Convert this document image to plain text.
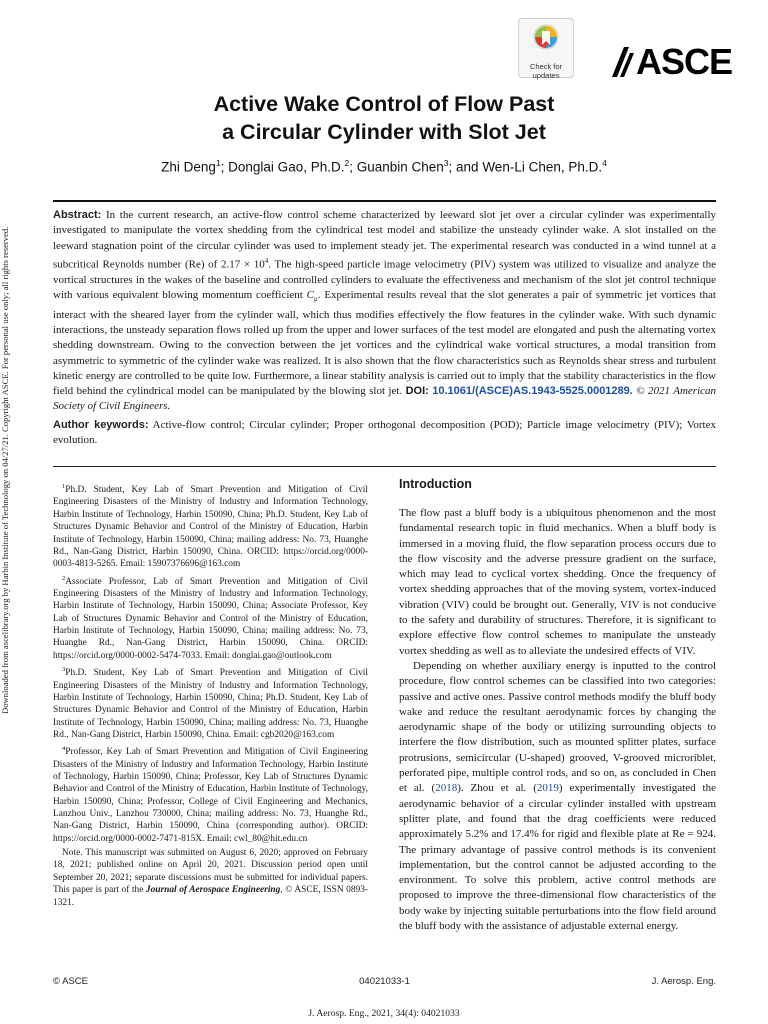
Downloaded from ascelibrary.org by Harbin Institute of Technology on 04/27/21. Copyright ASCE. For personal use only; all rights reserved.
Check for
updates	ASCE
Active Wake Control of Flow Past
a Circular Cylinder with Slot Jet
Zhi Deng$^1$; Donglai Gao, Ph.D.$^2$; Guanbin Chen$^3$; and Wen-Li Chen, Ph.D.$^4$
Abstract: In the current research, an active-flow control scheme characterized by leeward slot jet over a circular cylinder was experimentally investigated to manipulate the vortex shedding from the cylindrical test model and stabilize the unsteady cylinder wake. A slot installed on the leeward stagnation point of the circular cylinder was used to implement steady jet. The experimental research was conducted in a wind tunnel at a subcritical Reynolds number (Re) of $2.17 \times 10^4$. The high-speed particle image velocimetry (PIV) system was utilized to visualize and analyze the vortical structures in the wakes of the baseline and controlled cylinders to evaluate the effectiveness and mechanism of the slot jet control technique with various equivalent blowing momentum coefficient $C_\mu$. Experimental results reveal that the slot generates a pair of symmetric jet vortices that interact with the sheared layer from the cylinder wall, which thus modifies effectively the flow features in the cylinder wake. With such dynamic interactions, the unsteady separation flows rolled up from the upper and lower surfaces of the test model are elongated and push the alternating vortex shedding downstream. Owing to the convection between the jet vortices and the cylindrical wake vortical structures, a modal transition from asymmetric to symmetric of the cylinder wake was realized. It is also shown that the flow characteristics such as Reynolds shear stress and turbulent kinetic energy are controlled to be quite low. Furthermore, a linear stability analysis is carried out to imply that the stability characteristics in the flow field behind the cylindrical model can be manipulated by the blowing slot jet. DOI: 10.1061/(ASCE)AS.1943-5525.0001289. © 2021 American Society of Civil Engineers.
Author keywords: Active-flow control; Circular cylinder; Proper orthogonal decomposition (POD); Particle image velocimetry (PIV); Vortex evolution.

$^1$Ph.D. Student, Key Lab of Smart Prevention and Mitigation of Civil Engineering Disasters of the Ministry of Industry and Information Technology, Harbin Institute of Technology, Harbin 150090, China; Ph.D. Student, Key Lab of Structures Dynamic Behavior and Control of the Ministry of Education, Harbin Institute of Technology, Harbin 150090, China; mailing address: No. 73, Huanghe Rd., Nan-Gang District, Harbin 150090, China. ORCID: https://orcid.org/0000-0003-4813-5265. Email: 15907376696@163.com

$^2$Associate Professor, Lab of Smart Prevention and Mitigation of Civil Engineering Disasters of the Ministry of Industry and Information Technology, Harbin Institute of Technology, Harbin 150090, China; Associate Professor, Key Lab of Structures Dynamic Behavior and Control of the Ministry of Education, Harbin Institute of Technology, Harbin 150090, China; mailing address: No. 73, Huanghe Rd., Nan-Gang District, Harbin 150090, China. ORCID: https://orcid.org/0000-0002-5474-7033. Email: donglai.gao@outlook.com

$^3$Ph.D. Student, Key Lab of Smart Prevention and Mitigation of Civil Engineering Disasters of the Ministry of Industry and Information Technology, Harbin Institute of Technology, Harbin 150090, China; Ph.D. Student, Key Lab of Structures Dynamic Behavior and Control of the Ministry of Education, Harbin Institute of Technology, Harbin 150090, China; mailing address: No. 73, Huanghe Rd., Nan-Gang District, Harbin 150090, China. Email: cgb2020@163.com

$^4$Professor, Key Lab of Smart Prevention and Mitigation of Civil Engineering Disasters of the Ministry of Industry and Information Technology, Harbin Institute of Technology, Harbin 150090, China; Professor, Key Lab of Structures Dynamic Behavior and Control of the Ministry of Education, Harbin Institute of Technology, Harbin 150090, China; Professor, College of Civil Engineering and Mechanics, Lanzhou Univ., Lanzhou 730000, China; mailing address: No. 73, Huanghe Rd., Nan-Gang District, Harbin 150090, China (corresponding author). ORCID: https://orcid.org/0000-0002-7471-815X. Email: cwl_80@hit.edu.cn

Note. This manuscript was submitted on August 6, 2020; approved on February 18, 2021; published online on April 20, 2021. Discussion period open until September 20, 2021; separate discussions must be submitted for individual papers. This paper is part of the Journal of Aerospace Engineering, © ASCE, ISSN 0893-1321.

Introduction

The flow past a bluff body is a ubiquitous phenomenon and the most fundamental research topic in fluid mechanics. When a bluff body is immersed in a moving fluid, the flow separation process occurs due to the flow viscosity and the adverse pressure gradient on the surface, which may lead to cyclical vortex shedding. Once the frequency of vortex shedding approaches that of the moving system, vortex-induced vibration (VIV) could be brought out. Generally, VIV is not conducive to the safety and durability of structures. Therefore, it is significant to explore effective flow control schemes to manipulate the unsteady vortex shedding as well as to alleviate the undesired effects of VIV.

Depending on whether auxiliary energy is inputted to the control procedure, flow control schemes can be classified into two categories: passive and active ones. Passive control methods modify the bluff body wake and reduce the resultant aerodynamic forces by changing the aerodynamic shape of the body or utilizing surrounding objects to interfere the flow distribution, such as mounted splitter plates, surface protrusions, semicircular (U-shaped) grooved, V-grooved microriblet, perforated pipe, multiple control rods, and so on, as concluded in Chen et al. (2018). Zhou et al. (2019) experimentally investigated the aerodynamic behavior of a circular cylinder installed with upstream splitter plate, and found that the drag coefficients were reduced approximately 5.2% and 17.4% for rigid and flexible plate at Re = 924. The primary advantage of passive control methods is its convenient implementation, but the control cannot be adjusted according to the environment. To solve this problem, active control methods are proposed to improve the three-dimensional flow characteristics of the body wake by injecting suitable perturbations into the flow field around the bluff body with the assistance of adjustable external energy.

© ASCE	04021033-1	J. Aerosp. Eng.
J. Aerosp. Eng., 2021, 34(4): 04021033
